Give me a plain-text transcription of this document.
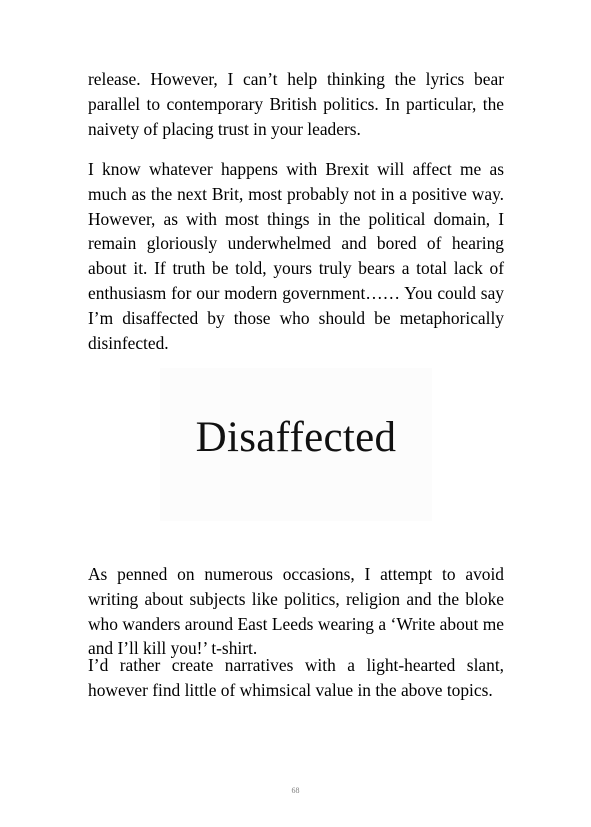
release. However, I can’t help thinking the lyrics bear parallel to contemporary British politics. In particular, the naivety of placing trust in your leaders.

I know whatever happens with Brexit will affect me as much as the next Brit, most probably not in a positive way. However, as with most things in the political domain, I remain gloriously underwhelmed and bored of hearing about it. If truth be told, yours truly bears a total lack of enthusiasm for our modern government…… You could say I’m disaffected by those who should be metaphorically disinfected.

Disaffected

As penned on numerous occasions, I attempt to avoid writing about subjects like politics, religion and the bloke who wanders around East Leeds wearing a ‘Write about me and I’ll kill you!’ t-shirt.

I’d rather create narratives with a light-hearted slant, however find little of whimsical value in the above topics.

68
